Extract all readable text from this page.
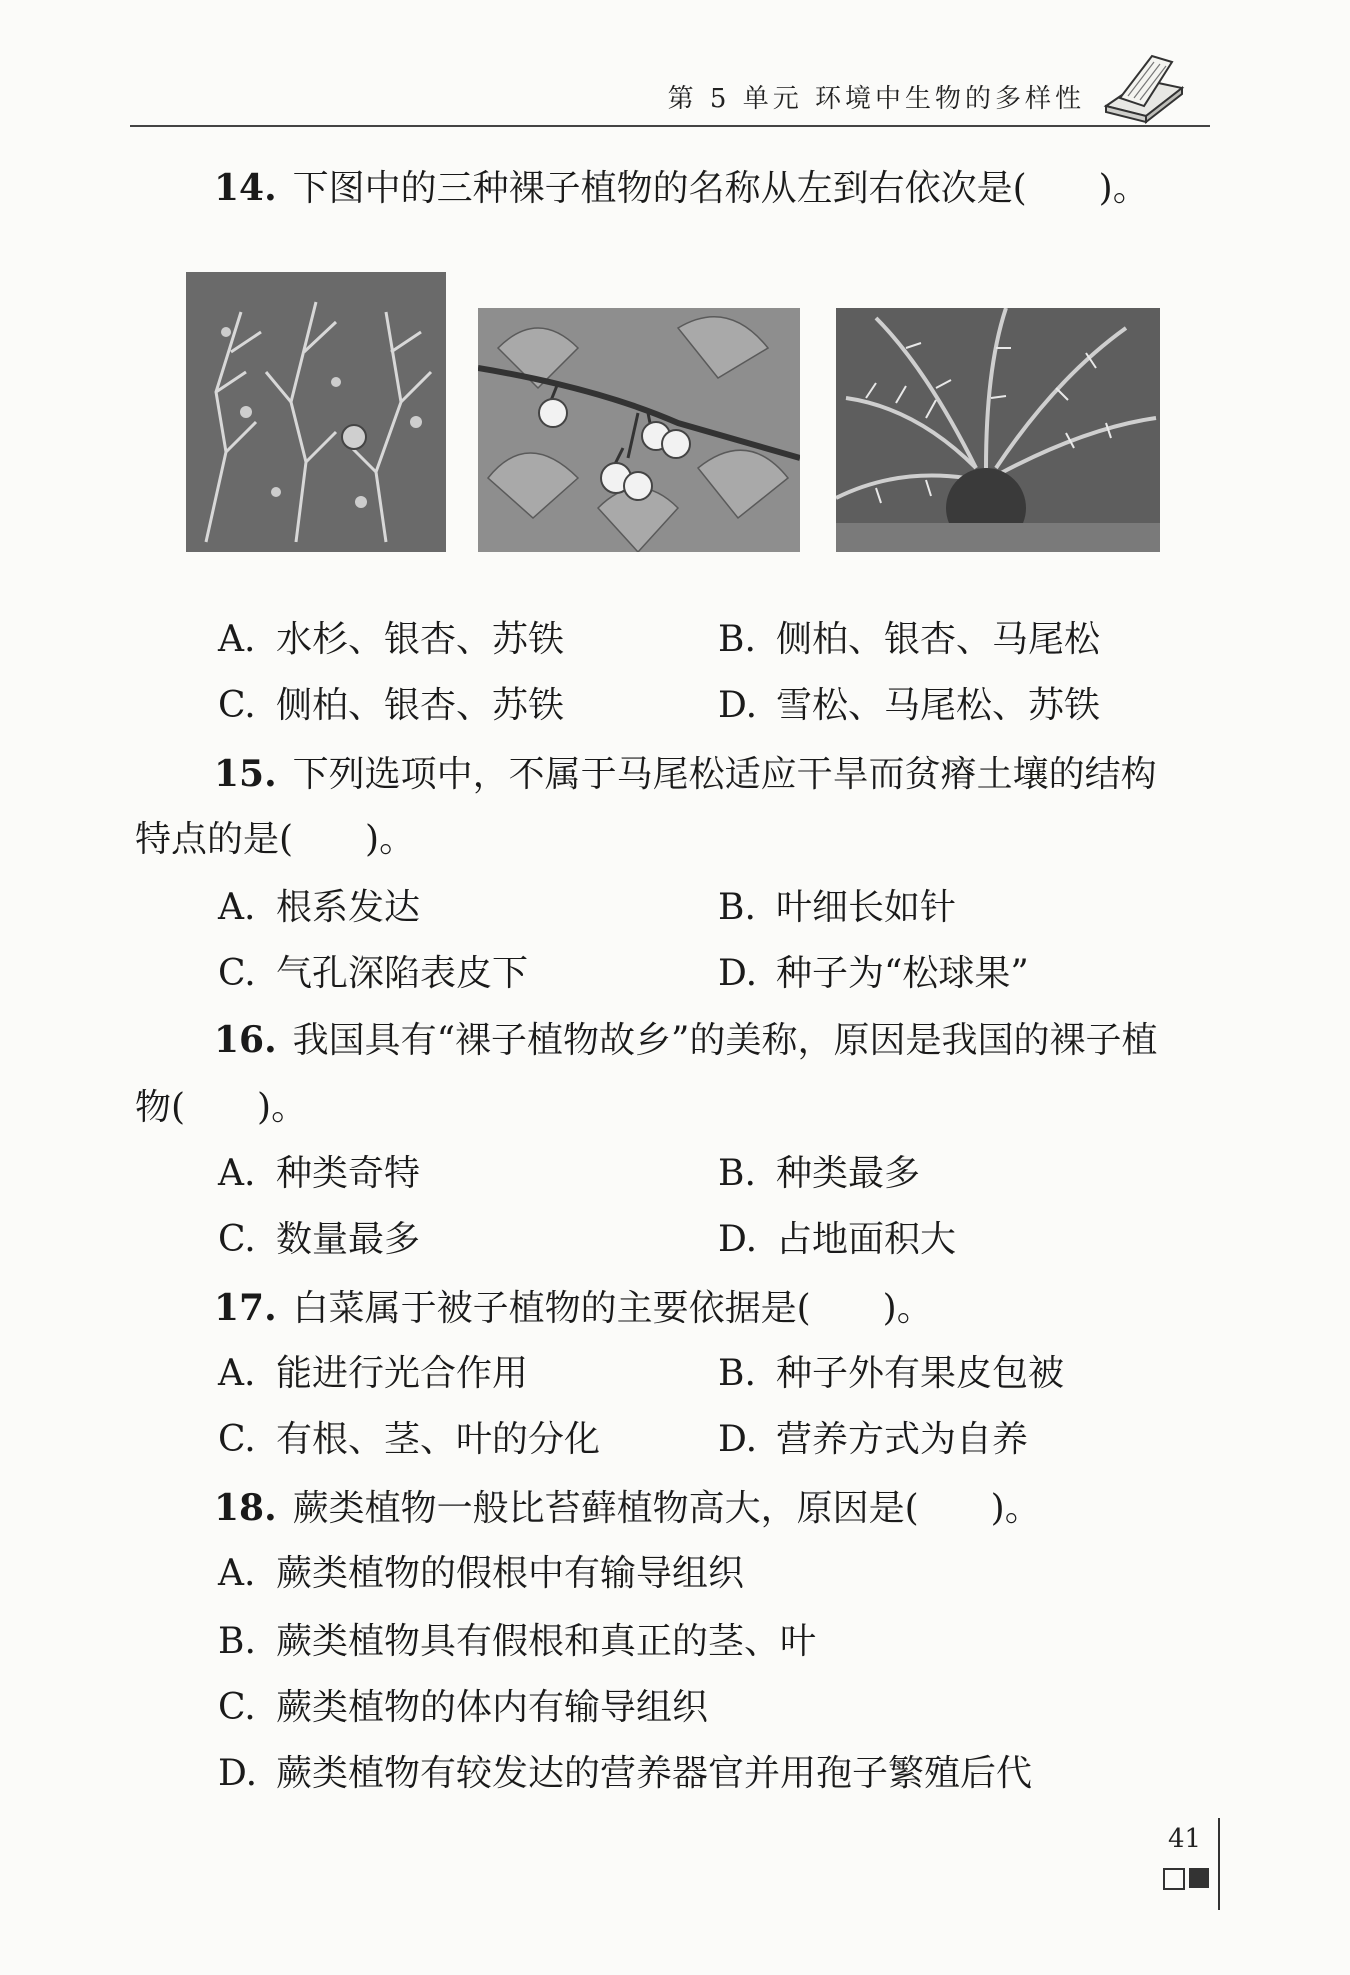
第 5 单元 环境中生物的多样性
14. 下图中的三种裸子植物的名称从左到右依次是(　　)。
A. 水杉、银杏、苏铁	B. 侧柏、银杏、马尾松
C. 侧柏、银杏、苏铁	D. 雪松、马尾松、苏铁
15. 下列选项中，不属于马尾松适应干旱而贫瘠土壤的结构
特点的是(　　)。
A. 根系发达	B. 叶细长如针
C. 气孔深陷表皮下	D. 种子为“松球果”
16. 我国具有“裸子植物故乡”的美称，原因是我国的裸子植
物(　　)。
A. 种类奇特	B. 种类最多
C. 数量最多	D. 占地面积大
17. 白菜属于被子植物的主要依据是(　　)。
A. 能进行光合作用	B. 种子外有果皮包被
C. 有根、茎、叶的分化	D. 营养方式为自养
18. 蕨类植物一般比苔藓植物高大，原因是(　　)。
A. 蕨类植物的假根中有输导组织
B. 蕨类植物具有假根和真正的茎、叶
C. 蕨类植物的体内有输导组织
D. 蕨类植物有较发达的营养器官并用孢子繁殖后代
41
